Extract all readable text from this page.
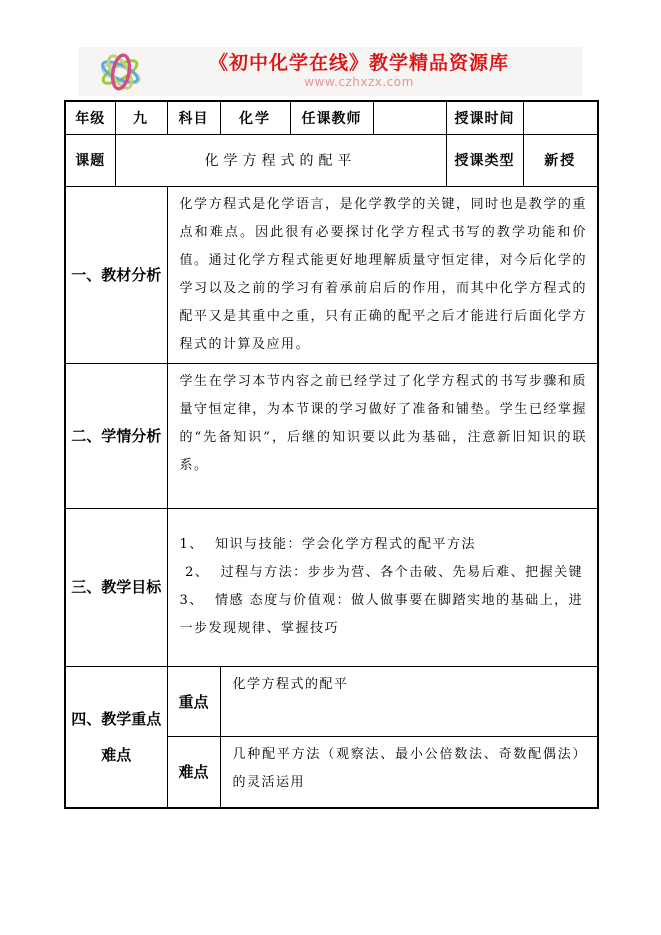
《初中化学在线》教学精品资源库
www.czhxzx.com
年级	九	科目	化学	任课教师		授课时间	
课题	化学方程式的配平					授课类型	新授
一、教材分析		化学方程式是化学语言，是化学教学的关键，同时也是教学的重点和难点。因此很有必要探讨化学方程式书写的教学功能和价值。通过化学方程式能更好地理解质量守恒定律，对今后化学的学习以及之前的学习有着承前启后的作用，而其中化学方程式的配平又是其重中之重，只有正确的配平之后才能进行后面化学方程式的计算及应用。					
二、学情分析		学生在学习本节内容之前已经学过了化学方程式的书写步骤和质量守恒定律，为本节课的学习做好了准备和铺垫。学生已经掌握的“先备知识”，后继的知识要以此为基础，注意新旧知识的联系。					
三、教学目标		1、  知识与技能：学会化学方程式的配平方法
2、  过程与方法：步步为营、各个击破、先易后难、把握关键
3、  情感 态度与价值观：做人做事要在脚踏实地的基础上，进一步发现规律、掌握技巧					

四、教学重点难点		重点	化学方程式的配平				
		难点	几种配平方法（观察法、最小公倍数法、奇数配偶法）的灵活运用				
